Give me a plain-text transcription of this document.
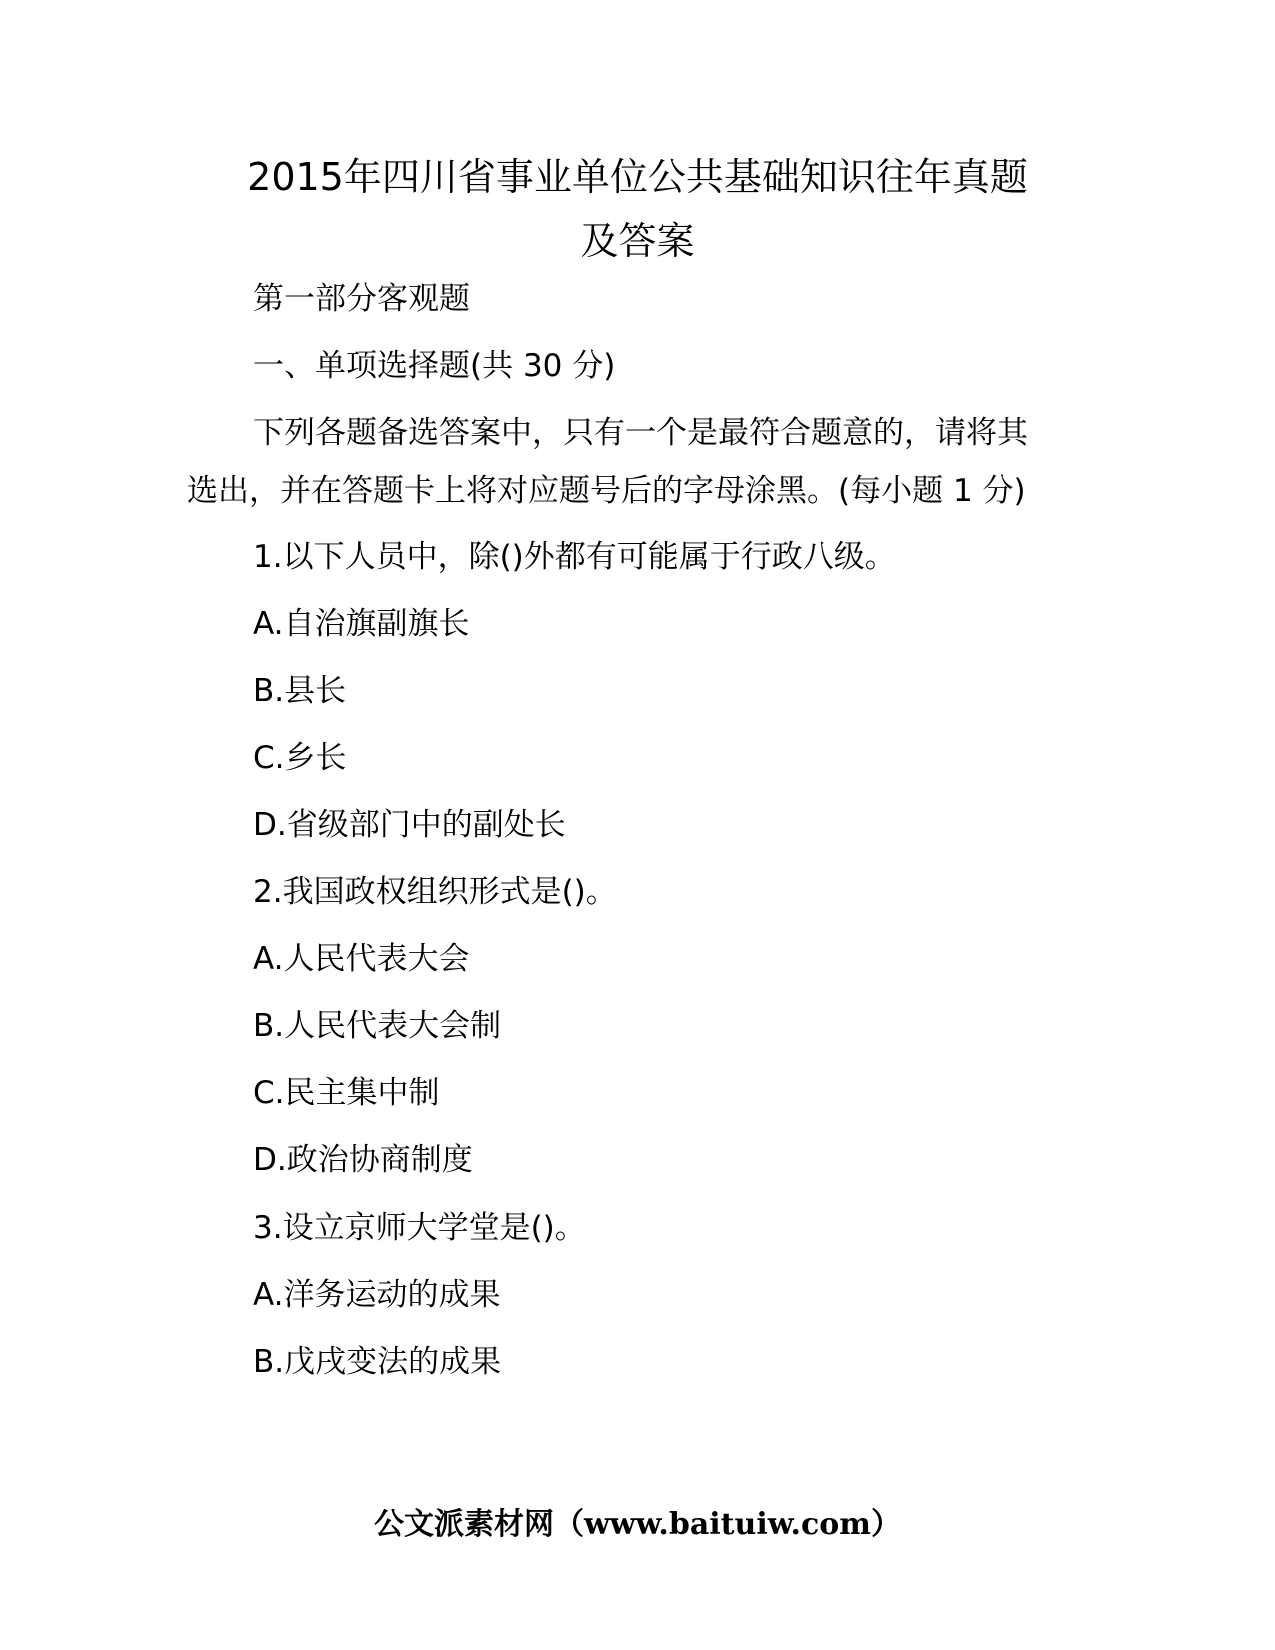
2015年四川省事业单位公共基础知识往年真题
及答案
第一部分客观题
一、单项选择题(共 30 分)
下列各题备选答案中，只有一个是最符合题意的，请将其
选出，并在答题卡上将对应题号后的字母涂黑。(每小题 1 分)
1.以下人员中，除()外都有可能属于行政八级。
A.自治旗副旗长
B.县长
C.乡长
D.省级部门中的副处长
2.我国政权组织形式是()。
A.人民代表大会
B.人民代表大会制
C.民主集中制
D.政治协商制度
3.设立京师大学堂是()。
A.洋务运动的成果
B.戊戌变法的成果
公文派素材网（www.baituiw.com）
